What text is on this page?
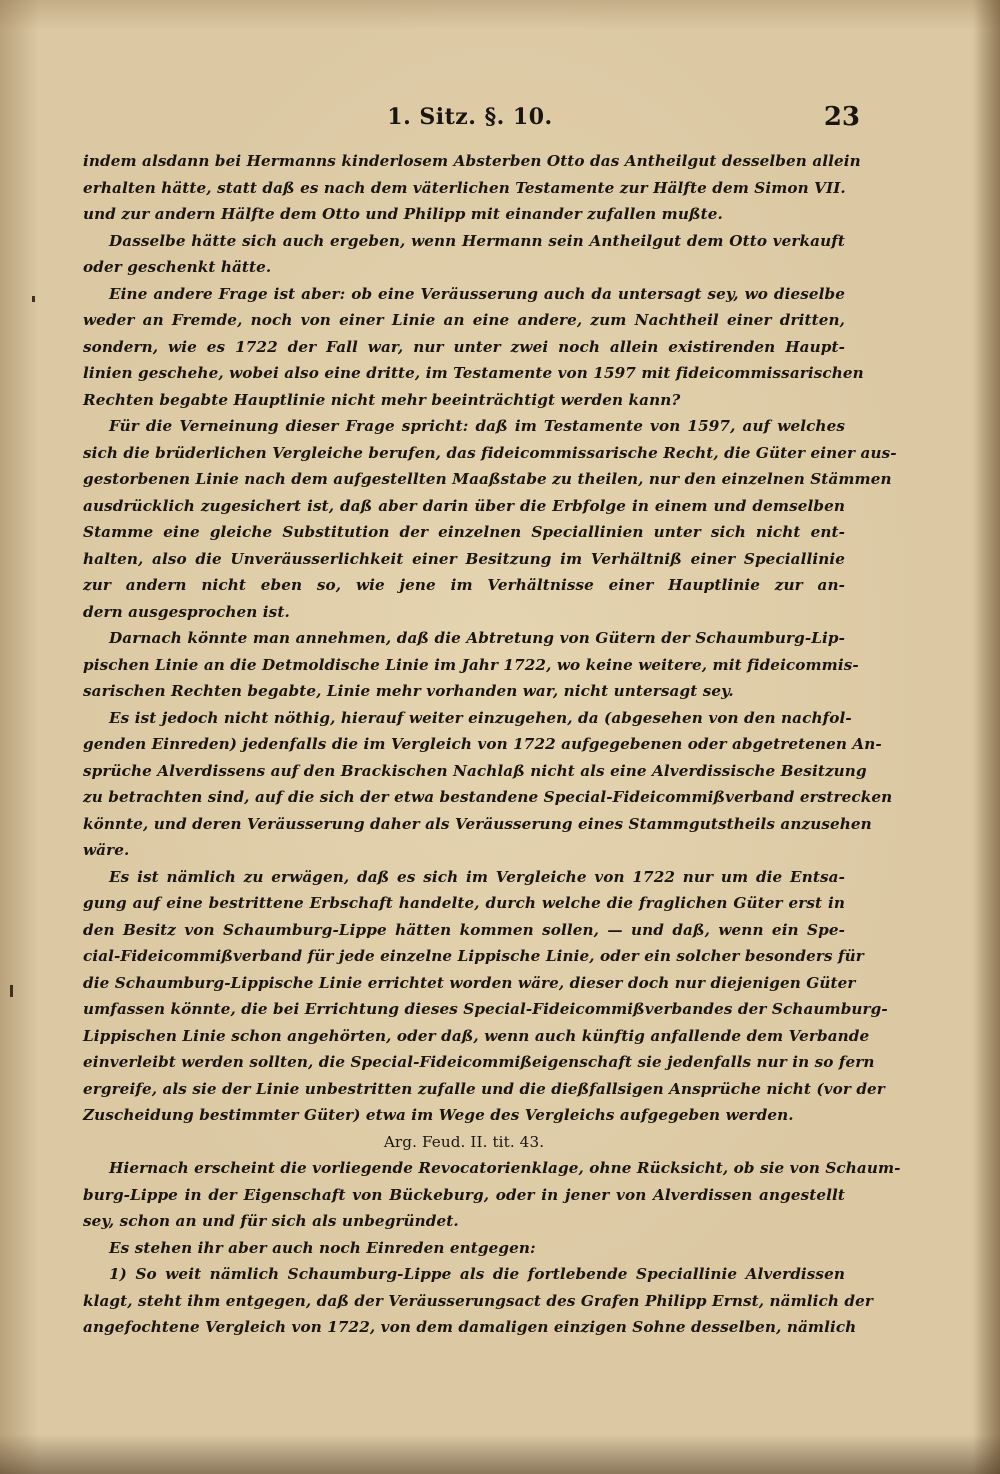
1. Sitz. §. 10.	23
indem alsdann bei Hermanns kinderlosem Absterben Otto das Antheilgut desselben allein
erhalten hätte, statt daß es nach dem väterlichen Testamente zur Hälfte dem Simon VII.
und zur andern Hälfte dem Otto und Philipp mit einander zufallen mußte.
Dasselbe hätte sich auch ergeben, wenn Hermann sein Antheilgut dem Otto verkauft
oder geschenkt hätte.
Eine andere Frage ist aber: ob eine Veräusserung auch da untersagt sey, wo dieselbe
weder an Fremde, noch von einer Linie an eine andere, zum Nachtheil einer dritten,
sondern, wie es 1722 der Fall war, nur unter zwei noch allein existirenden Haupt-
linien geschehe, wobei also eine dritte, im Testamente von 1597 mit fideicommissarischen
Rechten begabte Hauptlinie nicht mehr beeinträchtigt werden kann?
Für die Verneinung dieser Frage spricht: daß im Testamente von 1597, auf welches
sich die brüderlichen Vergleiche berufen, das fideicommissarische Recht, die Güter einer aus-
gestorbenen Linie nach dem aufgestellten Maaßstabe zu theilen, nur den einzelnen Stämmen
ausdrücklich zugesichert ist, daß aber darin über die Erbfolge in einem und demselben
Stamme eine gleiche Substitution der einzelnen Speciallinien unter sich nicht ent-
halten, also die Unveräusserlichkeit einer Besitzung im Verhältniß einer Speciallinie
zur andern nicht eben so, wie jene im Verhältnisse einer Hauptlinie zur an-
dern ausgesprochen ist.
Darnach könnte man annehmen, daß die Abtretung von Gütern der Schaumburg-Lip-
pischen Linie an die Detmoldische Linie im Jahr 1722, wo keine weitere, mit fideicommis-
sarischen Rechten begabte, Linie mehr vorhanden war, nicht untersagt sey.
Es ist jedoch nicht nöthig, hierauf weiter einzugehen, da (abgesehen von den nachfol-
genden Einreden) jedenfalls die im Vergleich von 1722 aufgegebenen oder abgetretenen An-
sprüche Alverdissens auf den Brackischen Nachlaß nicht als eine Alverdissische Besitzung
zu betrachten sind, auf die sich der etwa bestandene Special-Fideicommißverband erstrecken
könnte, und deren Veräusserung daher als Veräusserung eines Stammgutstheils anzusehen
wäre.
Es ist nämlich zu erwägen, daß es sich im Vergleiche von 1722 nur um die Entsa-
gung auf eine bestrittene Erbschaft handelte, durch welche die fraglichen Güter erst in
den Besitz von Schaumburg-Lippe hätten kommen sollen, — und daß, wenn ein Spe-
cial-Fideicommißverband für jede einzelne Lippische Linie, oder ein solcher besonders für
die Schaumburg-Lippische Linie errichtet worden wäre, dieser doch nur diejenigen Güter
umfassen könnte, die bei Errichtung dieses Special-Fideicommißverbandes der Schaumburg-
Lippischen Linie schon angehörten, oder daß, wenn auch künftig anfallende dem Verbande
einverleibt werden sollten, die Special-Fideicommißeigenschaft sie jedenfalls nur in so fern
ergreife, als sie der Linie unbestritten zufalle und die dießfallsigen Ansprüche nicht (vor der
Zuscheidung bestimmter Güter) etwa im Wege des Vergleichs aufgegeben werden.
Arg. Feud. II. tit. 43.
Hiernach erscheint die vorliegende Revocatorienklage, ohne Rücksicht, ob sie von Schaum-
burg-Lippe in der Eigenschaft von Bückeburg, oder in jener von Alverdissen angestellt
sey, schon an und für sich als unbegründet.
Es stehen ihr aber auch noch Einreden entgegen:
1) So weit nämlich Schaumburg-Lippe als die fortlebende Speciallinie Alverdissen
klagt, steht ihm entgegen, daß der Veräusserungsact des Grafen Philipp Ernst, nämlich der
angefochtene Vergleich von 1722, von dem damaligen einzigen Sohne desselben, nämlich
